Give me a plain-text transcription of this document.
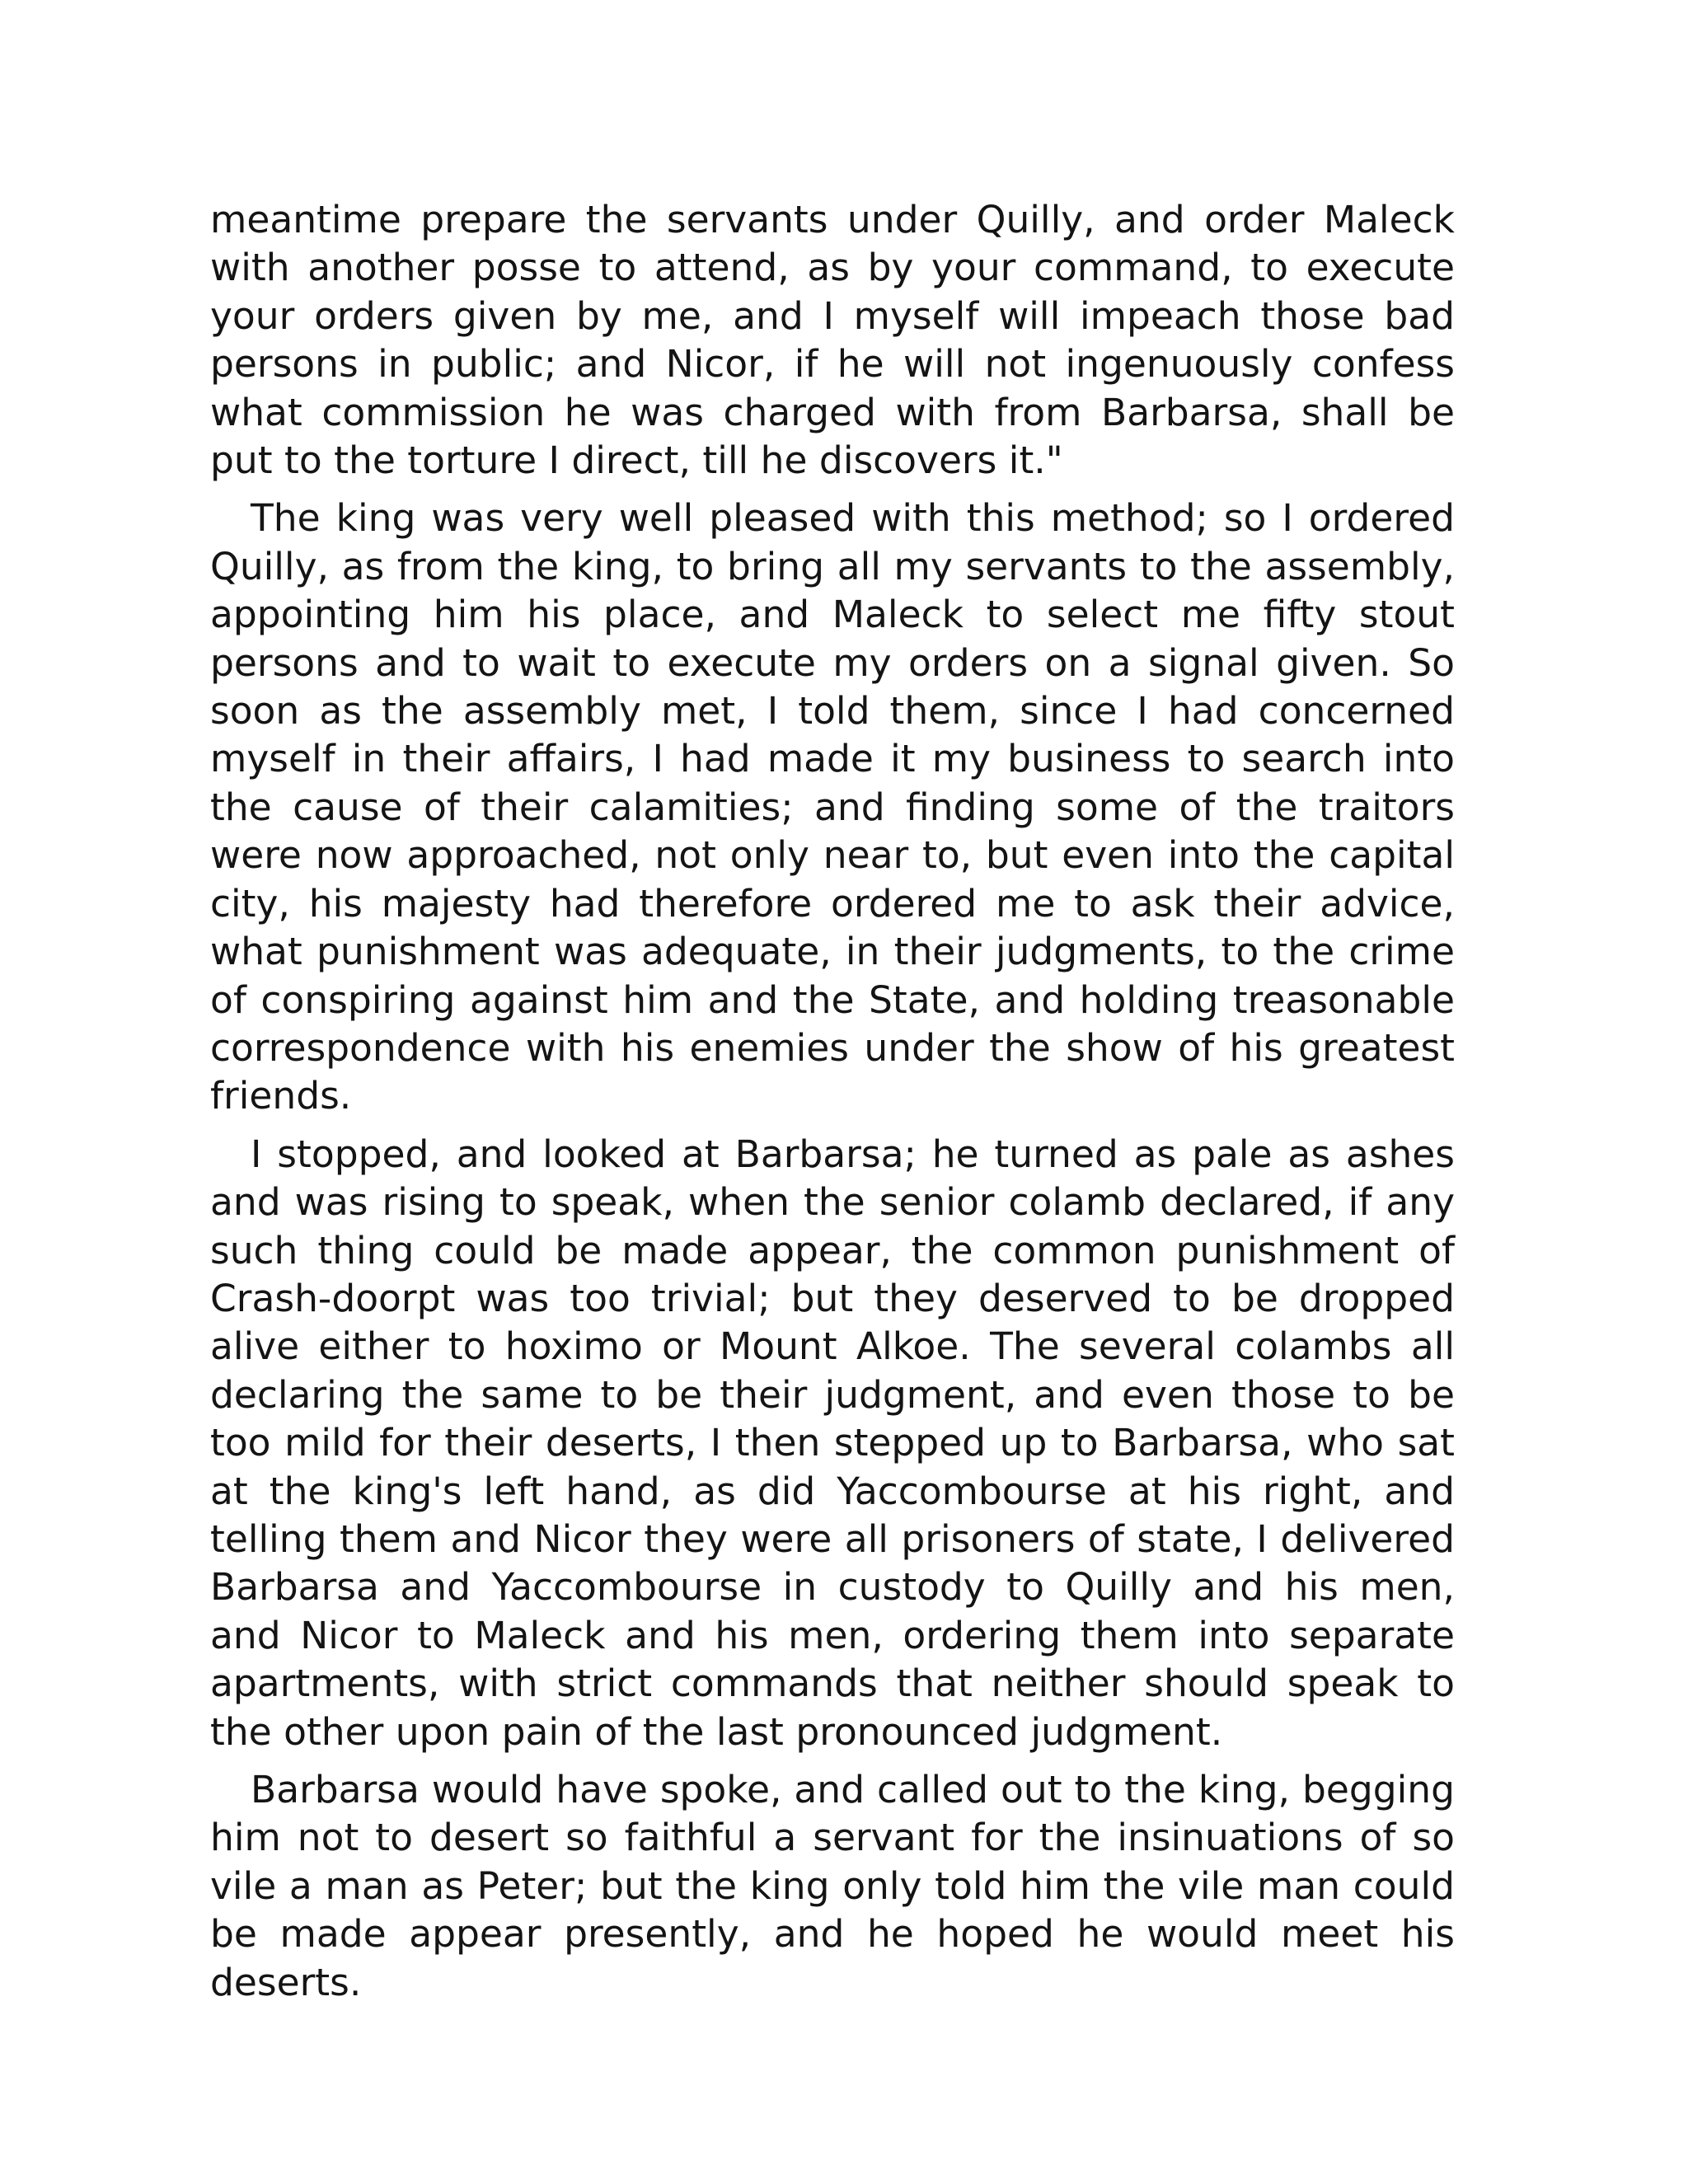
meantime prepare the servants under Quilly, and order Maleck with another posse to attend, as by your command, to execute your orders given by me, and I myself will impeach those bad persons in public; and Nicor, if he will not ingenuously confess what commission he was charged with from Barbarsa, shall be put to the torture I direct, till he discovers it."

The king was very well pleased with this method; so I ordered Quilly, as from the king, to bring all my servants to the assembly, appointing him his place, and Maleck to select me fifty stout persons and to wait to execute my orders on a signal given. So soon as the assembly met, I told them, since I had concerned myself in their affairs, I had made it my business to search into the cause of their calamities; and finding some of the traitors were now approached, not only near to, but even into the capital city, his majesty had therefore ordered me to ask their advice, what punishment was adequate, in their judgments, to the crime of conspiring against him and the State, and holding treasonable correspondence with his enemies under the show of his greatest friends.

I stopped, and looked at Barbarsa; he turned as pale as ashes and was rising to speak, when the senior colamb declared, if any such thing could be made appear, the common punishment of Crash-doorpt was too trivial; but they deserved to be dropped alive either to hoximo or Mount Alkoe. The several colambs all declaring the same to be their judgment, and even those to be too mild for their deserts, I then stepped up to Barbarsa, who sat at the king's left hand, as did Yaccombourse at his right, and telling them and Nicor they were all prisoners of state, I delivered Barbarsa and Yaccombourse in custody to Quilly and his men, and Nicor to Maleck and his men, ordering them into separate apartments, with strict commands that neither should speak to the other upon pain of the last pronounced judgment.

Barbarsa would have spoke, and called out to the king, begging him not to desert so faithful a servant for the insinuations of so vile a man as Peter; but the king only told him the vile man could be made appear presently, and he hoped he would meet his deserts.
